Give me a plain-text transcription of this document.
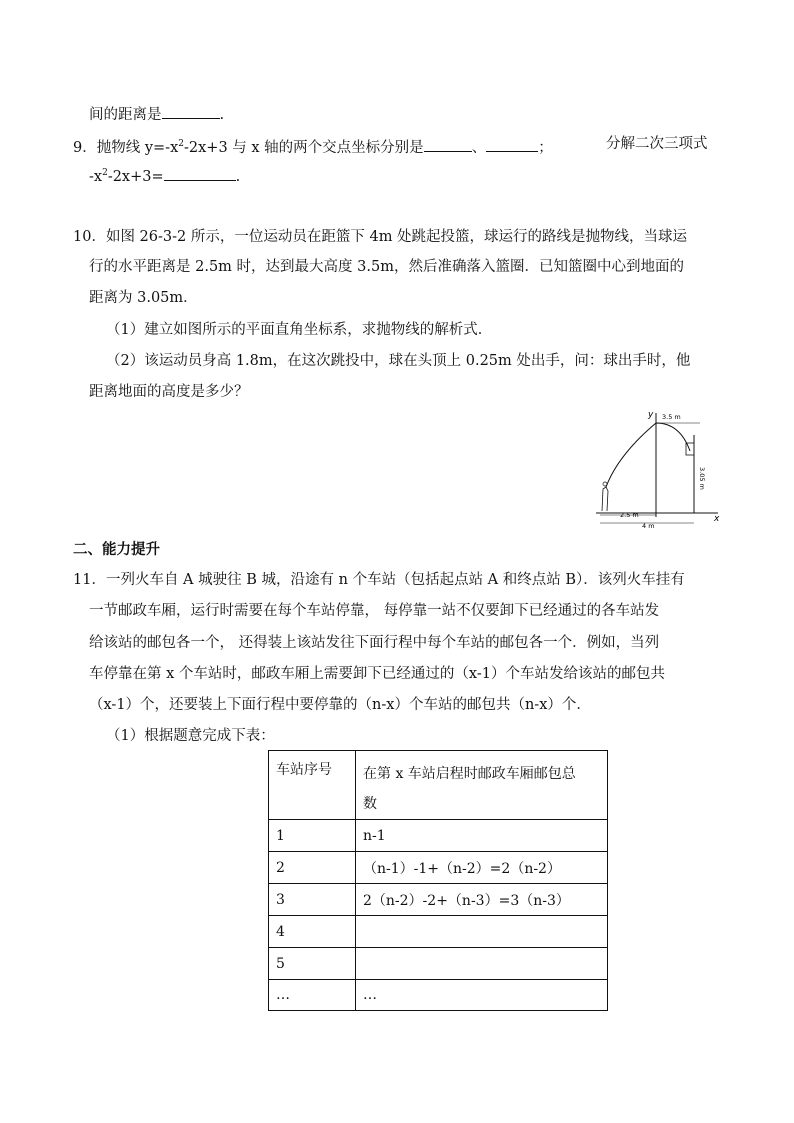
间的距离是	.
9．抛物线 $y=-x^2-2x+3$ 与 x 轴的两个交点坐标分别是	、	；	分解二次三项式
$-x^2-2x+3=$	.
10．如图 26-3-2 所示，一位运动员在距篮下 4m 处跳起投篮，球运行的路线是抛物线，当球运
行的水平距离是 2.5m 时，达到最大高度 3.5m，然后准确落入篮圈．已知篮圈中心到地面的
距离为 3.05m．
（1）建立如图所示的平面直角坐标系，求抛物线的解析式．
（2）该运动员身高 1.8m，在这次跳投中，球在头顶上 0.25m 处出手，问：球出手时，他
距离地面的高度是多少？
y
x
3.5 m
3.05 m
2.5 m
4 m
二、能力提升
11．一列火车自 A 城驶往 B 城，沿途有 n 个车站（包括起点站 A 和终点站 B）．该列火车挂有
一节邮政车厢，运行时需要在每个车站停靠， 每停靠一站不仅要卸下已经通过的各车站发
给该站的邮包各一个， 还得装上该站发往下面行程中每个车站的邮包各一个．例如，当列
车停靠在第 x 个车站时，邮政车厢上需要卸下已经通过的（x-1）个车站发给该站的邮包共
（x-1）个，还要装上下面行程中要停靠的（n-x）个车站的邮包共（n-x）个．
（1）根据题意完成下表：
车站序号	在第 x 车站启程时邮政车厢邮包总
数
1	n-1
2	（n-1）-1+（n-2）=2（n-2）
3	2（n-2）-2+（n-3）=3（n-3）
4	
5	
…	…
